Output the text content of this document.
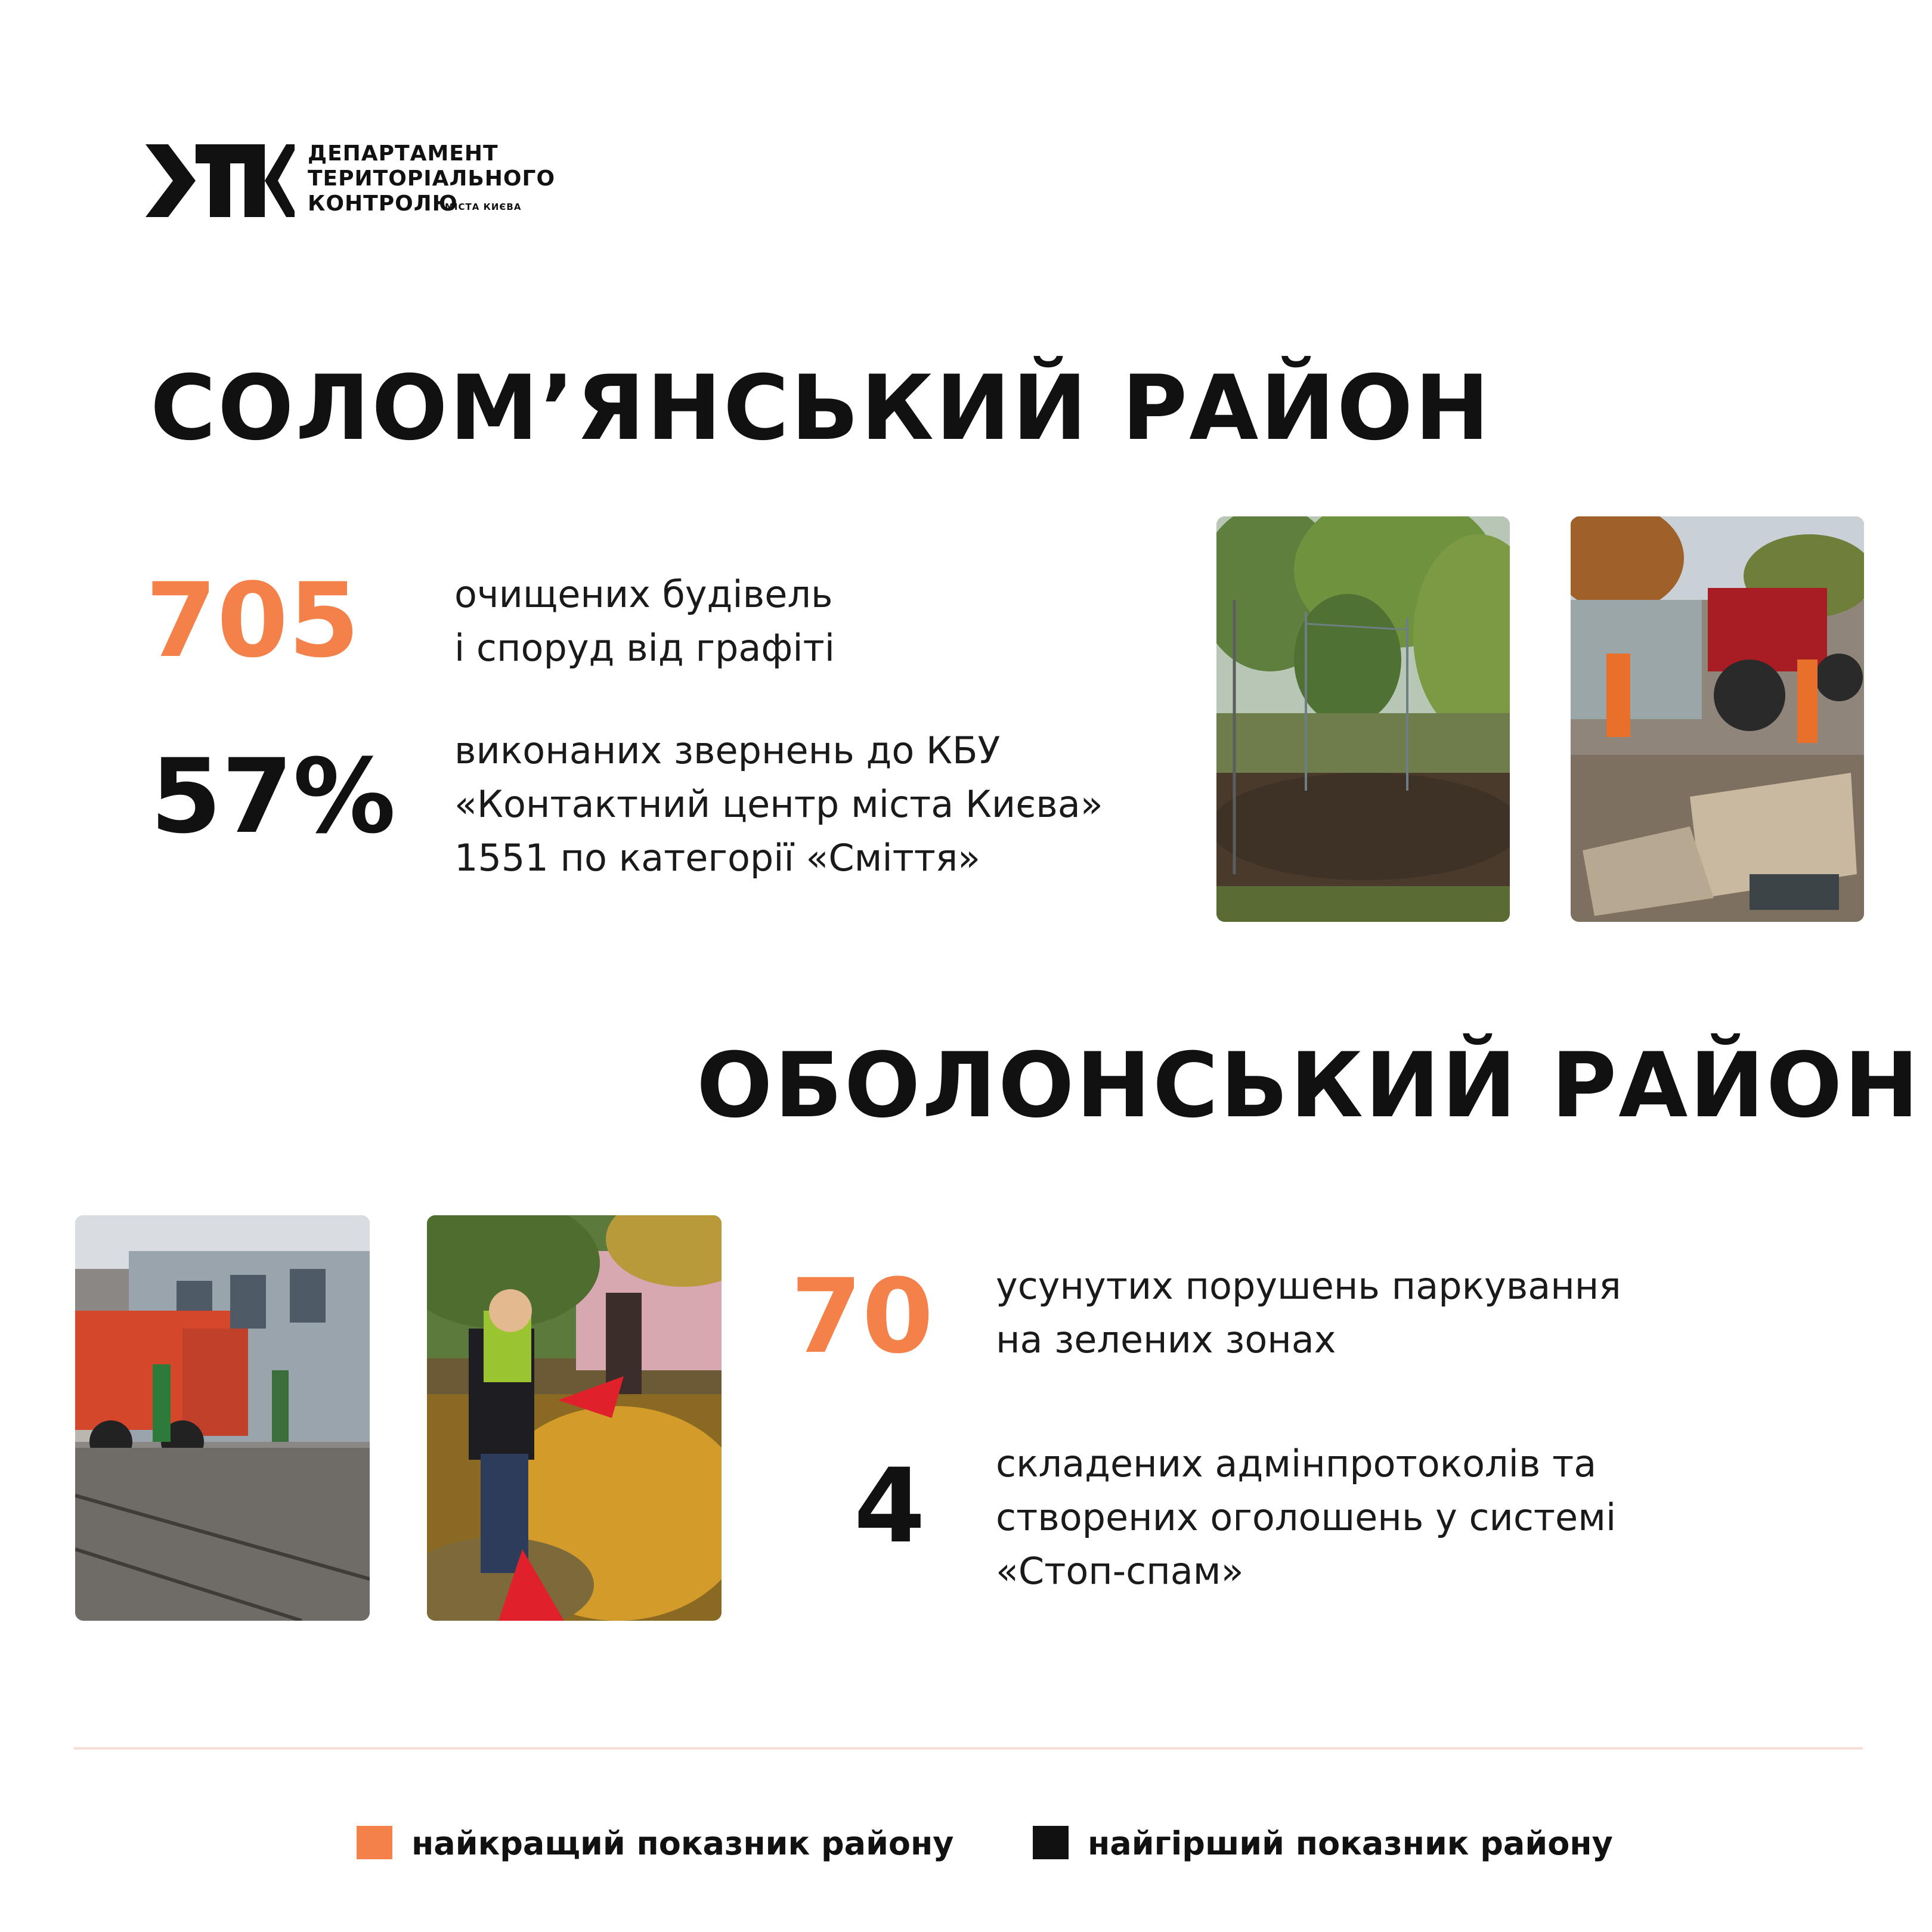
ДЕПАРТАМЕНТ
ТЕРИТОРІАЛЬНОГО
КОНТРОЛЮ
МІСТА КИЄВА
СОЛОМ’ЯНСЬКИЙ РАЙОН
705	очищених будівель
і споруд від графіті
57% виконаних звернень до КБУ
«Контактний центр міста Києва»
1551 по категорії «Сміття»
ОБОЛОНСЬКИЙ РАЙОН
70 усунутих порушень паркування
на зелених зонах
4 складених адмінпротоколів та
створених оголошень у системі
«Стоп-спам»
найкращий показник району	найгірший показник району
